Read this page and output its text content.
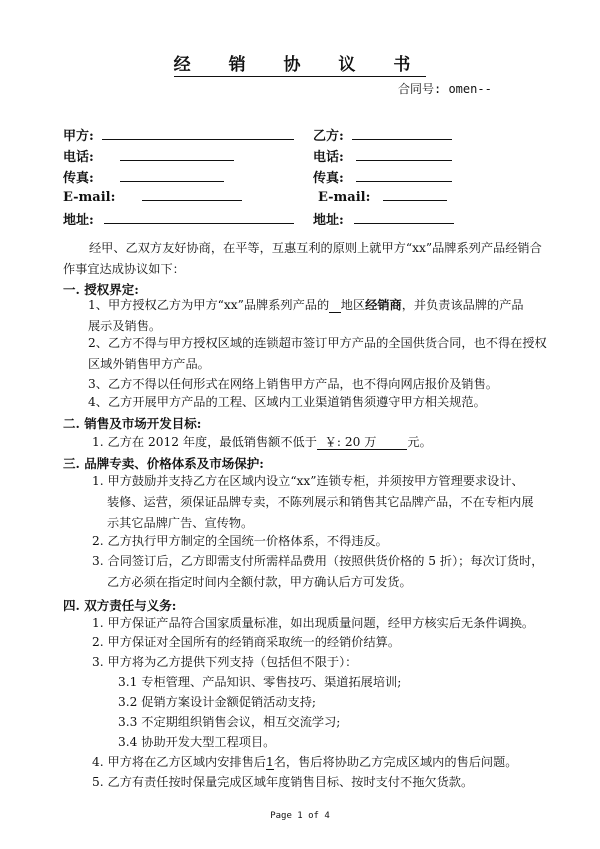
经 销 协 议 书
合同号: omen--
甲方:	乙方:
电话:	电话:
传真:	传真:
E-mail:	E-mail:
地址:	地址:
经甲、乙双方友好协商，在平等，互惠互利的原则上就甲方“xx”品牌系列产品经销合作事宜达成协议如下：
一. 授权界定:
1、甲方授权乙方为甲方“xx”品牌系列产品的 地区经销商，并负责该品牌的产品
展示及销售。
2、乙方不得与甲方授权区域的连锁超市签订甲方产品的全国供货合同，也不得在授权
区域外销售甲方产品。
3、乙方不得以任何形式在网络上销售甲方产品，也不得向网店报价及销售。
4、乙方开展甲方产品的工程、区域内工业渠道销售须遵守甲方相关规范。
二. 销售及市场开发目标:
1. 乙方在 2012 年度，最低销售额不低于  ￥: 20 万        元。
三. 品牌专卖、价格体系及市场保护:
1. 甲方鼓励并支持乙方在区域内设立“xx”连锁专柜，并须按甲方管理要求设计、
装修、运营，须保证品牌专卖，不陈列展示和销售其它品牌产品，不在专柜内展
示其它品牌广告、宣传物。
2. 乙方执行甲方制定的全国统一价格体系，不得违反。
3. 合同签订后，乙方即需支付所需样品费用（按照供货价格的 5 折）；每次订货时，
乙方必须在指定时间内全额付款，甲方确认后方可发货。
四. 双方责任与义务:
1. 甲方保证产品符合国家质量标准，如出现质量问题，经甲方核实后无条件调换。
2. 甲方保证对全国所有的经销商采取统一的经销价结算。
3. 甲方将为乙方提供下列支持（包括但不限于）：
3.1 专柜管理、产品知识、零售技巧、渠道拓展培训;
3.2 促销方案设计金额促销活动支持;
3.3 不定期组织销售会议，相互交流学习;
3.4 协助开发大型工程项目。
4. 甲方将在乙方区域内安排售后1名，售后将协助乙方完成区域内的售后问题。
5. 乙方有责任按时保量完成区域年度销售目标、按时支付不拖欠货款。
Page 1 of 4
